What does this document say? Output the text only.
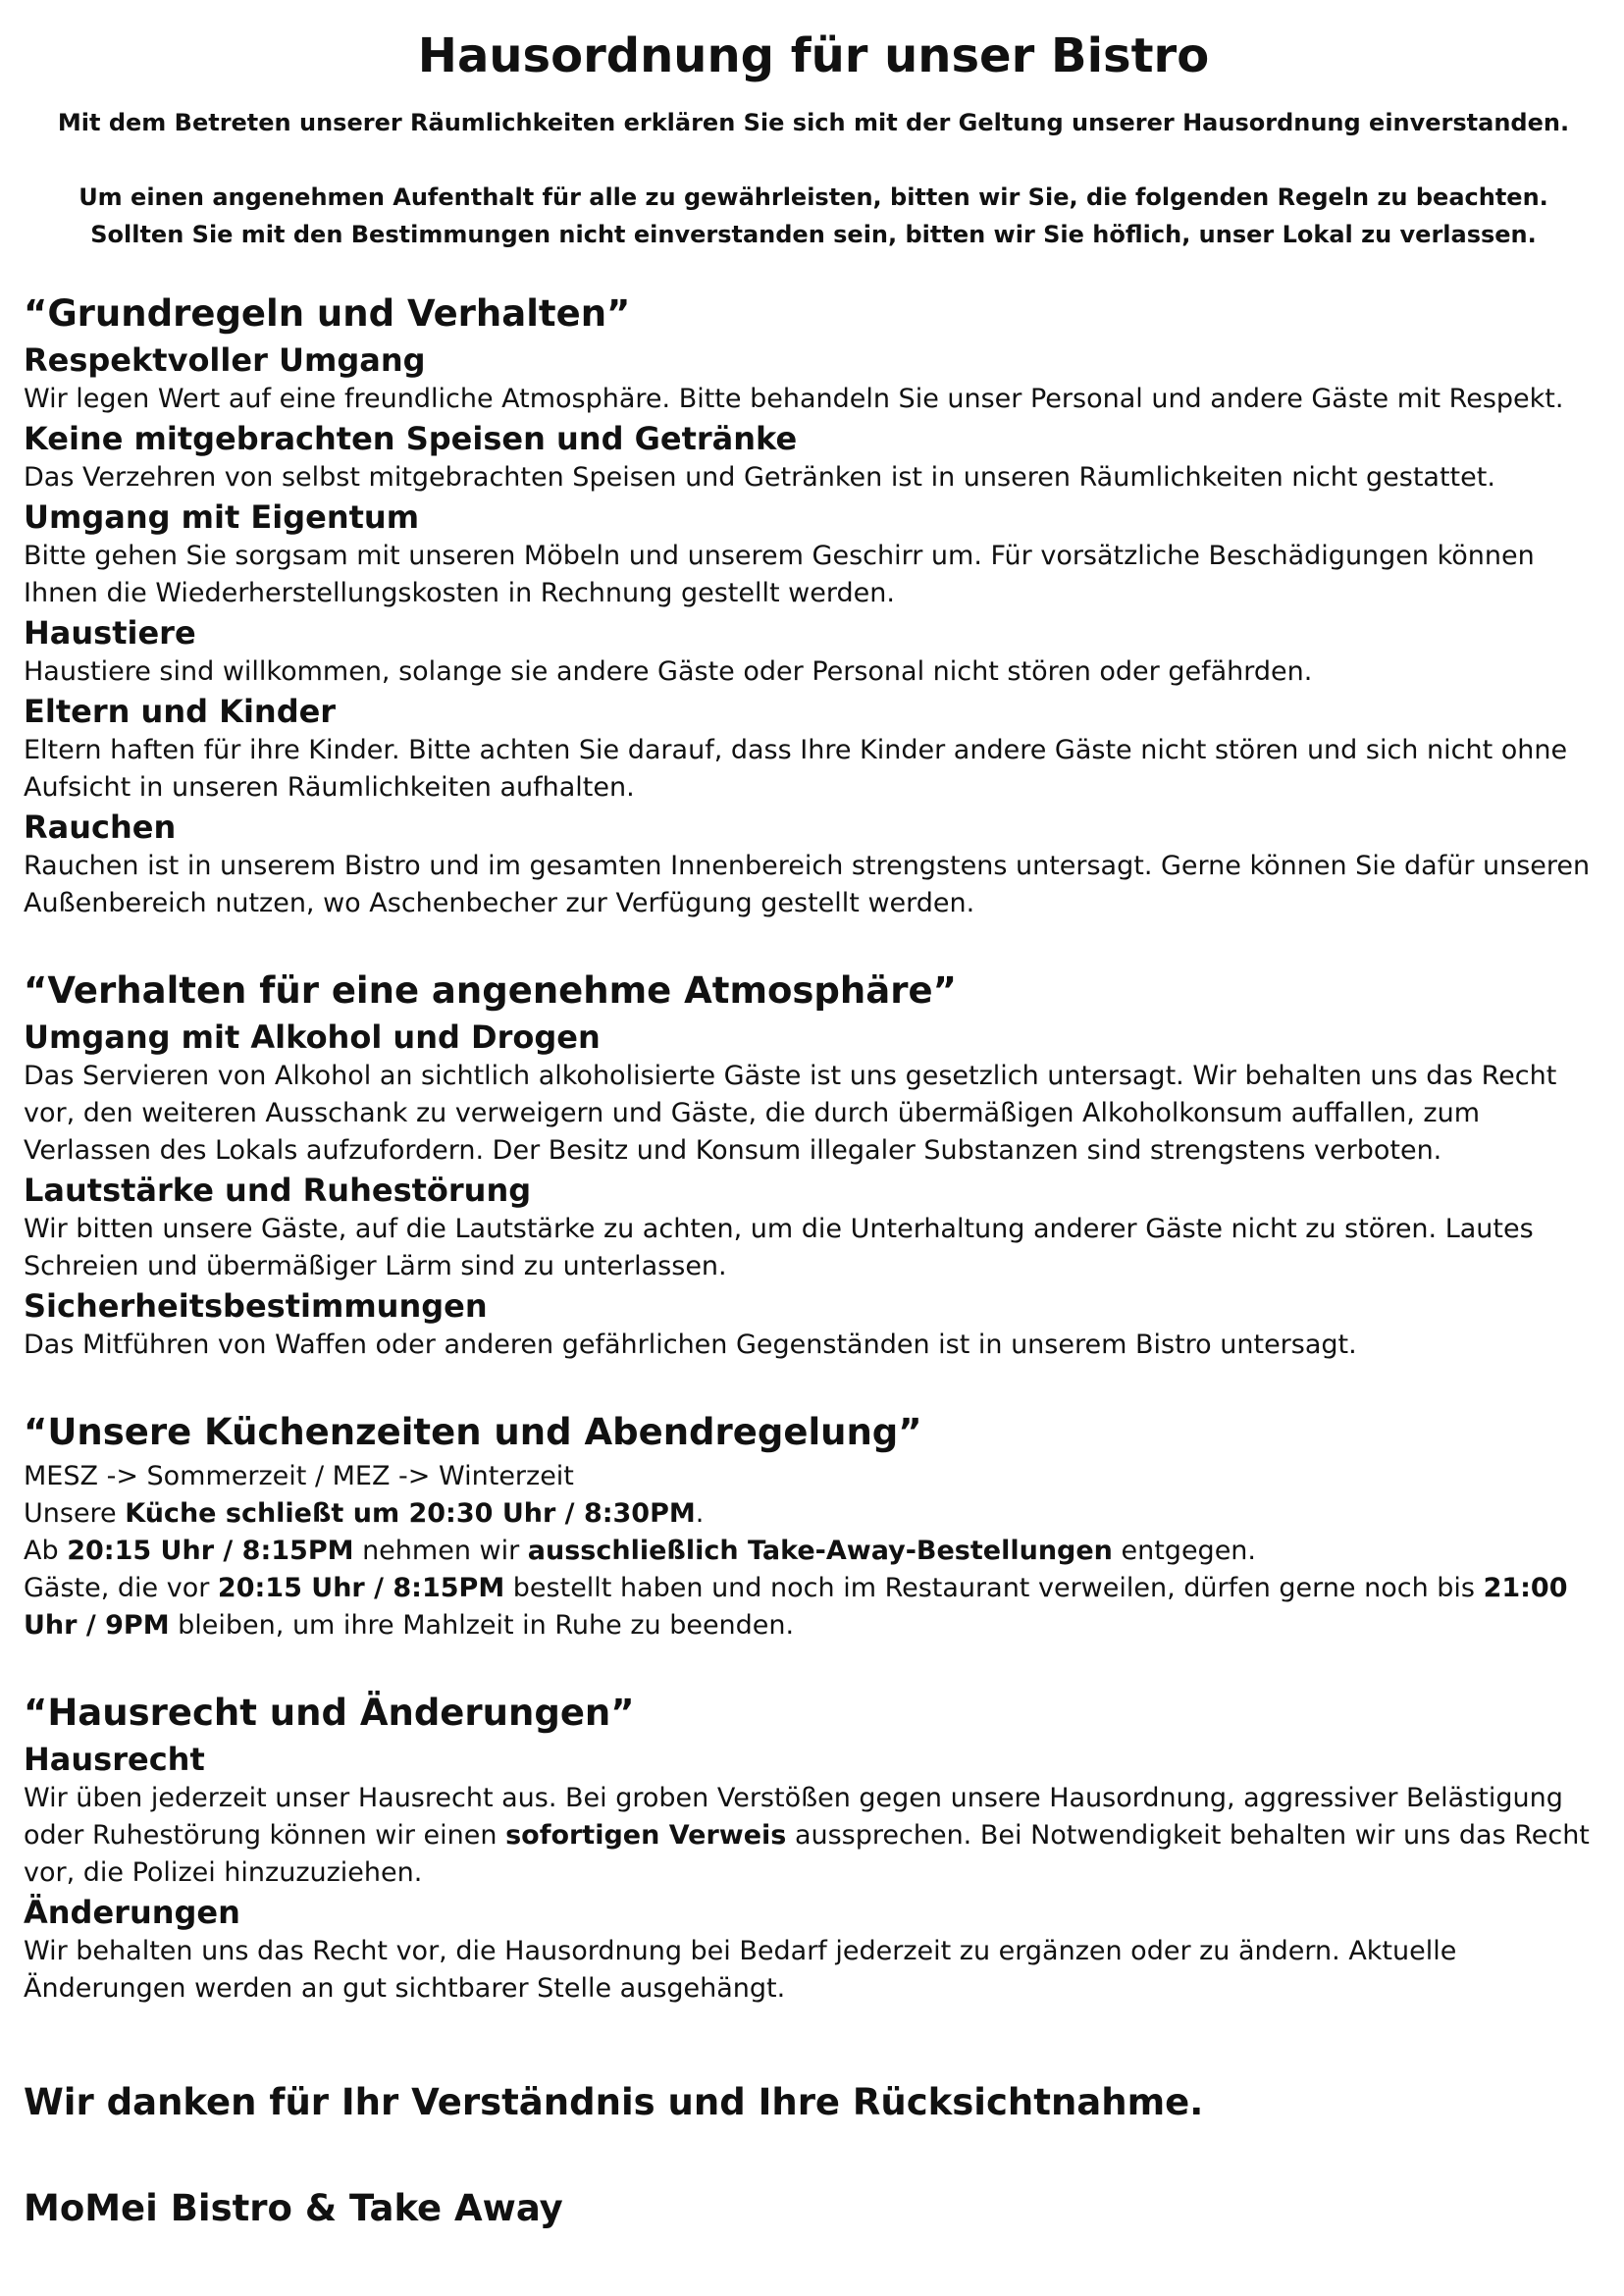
Hausordnung für unser Bistro

Mit dem Betreten unserer Räumlichkeiten erklären Sie sich mit der Geltung unserer Hausordnung einverstanden.

Um einen angenehmen Aufenthalt für alle zu gewährleisten, bitten wir Sie, die folgenden Regeln zu beachten.

Sollten Sie mit den Bestimmungen nicht einverstanden sein, bitten wir Sie höflich, unser Lokal zu verlassen.

“Grundregeln und Verhalten”
Respektvoller Umgang

Wir legen Wert auf eine freundliche Atmosphäre. Bitte behandeln Sie unser Personal und andere Gäste mit Respekt.

Keine mitgebrachten Speisen und Getränke

Das Verzehren von selbst mitgebrachten Speisen und Getränken ist in unseren Räumlichkeiten nicht gestattet.

Umgang mit Eigentum

Bitte gehen Sie sorgsam mit unseren Möbeln und unserem Geschirr um. Für vorsätzliche Beschädigungen können Ihnen die Wiederherstellungskosten in Rechnung gestellt werden.

Haustiere

Haustiere sind willkommen, solange sie andere Gäste oder Personal nicht stören oder gefährden.

Eltern und Kinder

Eltern haften für ihre Kinder. Bitte achten Sie darauf, dass Ihre Kinder andere Gäste nicht stören und sich nicht ohne Aufsicht in unseren Räumlichkeiten aufhalten.

Rauchen

Rauchen ist in unserem Bistro und im gesamten Innenbereich strengstens untersagt. Gerne können Sie dafür unseren Außenbereich nutzen, wo Aschenbecher zur Verfügung gestellt werden.

“Verhalten für eine angenehme Atmosphäre”
Umgang mit Alkohol und Drogen

Das Servieren von Alkohol an sichtlich alkoholisierte Gäste ist uns gesetzlich untersagt. Wir behalten uns das Recht vor, den weiteren Ausschank zu verweigern und Gäste, die durch übermäßigen Alkoholkonsum auffallen, zum Verlassen des Lokals aufzufordern. Der Besitz und Konsum illegaler Substanzen sind strengstens verboten.

Lautstärke und Ruhestörung

Wir bitten unsere Gäste, auf die Lautstärke zu achten, um die Unterhaltung anderer Gäste nicht zu stören. Lautes Schreien und übermäßiger Lärm sind zu unterlassen.

Sicherheitsbestimmungen

Das Mitführen von Waffen oder anderen gefährlichen Gegenständen ist in unserem Bistro untersagt.

“Unsere Küchenzeiten und Abendregelung”

MESZ -> Sommerzeit / MEZ -> Winterzeit

Unsere Küche schließt um 20:30 Uhr / 8:30PM.

Ab 20:15 Uhr / 8:15PM nehmen wir ausschließlich Take-Away-Bestellungen entgegen.

Gäste, die vor 20:15 Uhr / 8:15PM bestellt haben und noch im Restaurant verweilen, dürfen gerne noch bis 21:00 Uhr / 9PM bleiben, um ihre Mahlzeit in Ruhe zu beenden.

“Hausrecht und Änderungen”
Hausrecht

Wir üben jederzeit unser Hausrecht aus. Bei groben Verstößen gegen unsere Hausordnung, aggressiver Belästigung oder Ruhestörung können wir einen sofortigen Verweis aussprechen. Bei Notwendigkeit behalten wir uns das Recht vor, die Polizei hinzuzuziehen.

Änderungen

Wir behalten uns das Recht vor, die Hausordnung bei Bedarf jederzeit zu ergänzen oder zu ändern. Aktuelle Änderungen werden an gut sichtbarer Stelle ausgehängt.

Wir danken für Ihr Verständnis und Ihre Rücksichtnahme.

MoMei Bistro & Take Away
